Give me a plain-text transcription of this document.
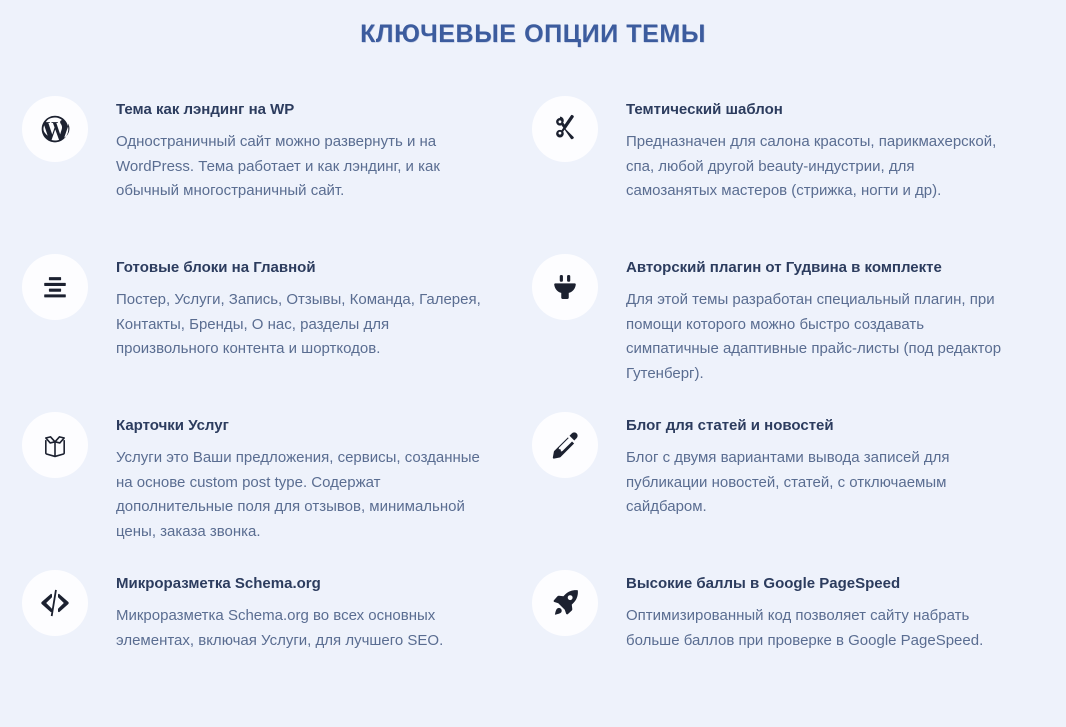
КЛЮЧЕВЫЕ ОПЦИИ ТЕМЫ
Тема как лэндинг на WP

Одностраничный сайт можно развернуть и на WordPress. Тема работает и как лэндинг, и как обычный многостраничный сайт.

Темтический шаблон

Предназначен для салона красоты, парикмахерской, спа, любой другой beauty-индустрии, для самозанятых мастеров (стрижка, ногти и др).

Готовые блоки на Главной

Постер, Услуги, Запись, Отзывы, Команда, Галерея, Контакты, Бренды, О нас, разделы для произвольного контента и шорткодов.

Авторский плагин от Гудвина в комплекте

Для этой темы разработан специальный плагин, при помощи которого можно быстро создавать симпатичные адаптивные прайс-листы (под редактор Гутенберг).

Карточки Услуг

Услуги это Ваши предложения, сервисы, созданные на основе custom post type. Содержат дополнительные поля для отзывов, минимальной цены, заказа звонка.

Блог для статей и новостей

Блог с двумя вариантами вывода записей для публикации новостей, статей, с отключаемым сайдбаром.

Микроразметка Schema.org

Микроразметка Schema.org во всех основных элементах, включая Услуги, для лучшего SEO.

Высокие баллы в Google PageSpeed

Оптимизированный код позволяет сайту набрать больше баллов при проверке в Google PageSpeed.
